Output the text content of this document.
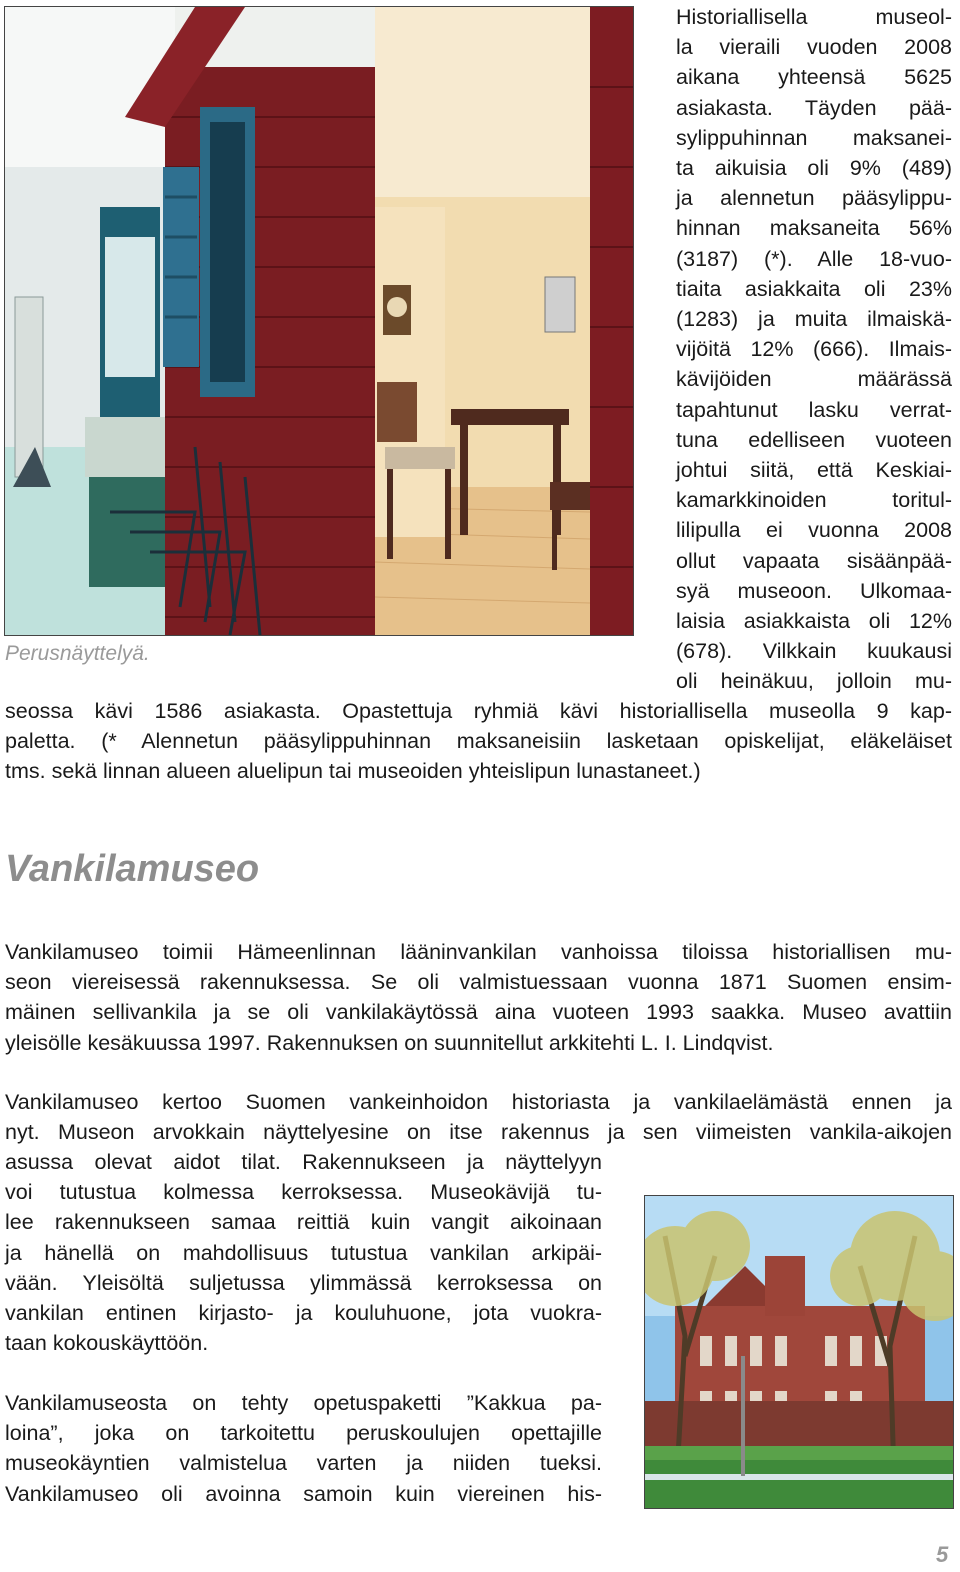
Perusnäyttelyä.

Historiallisella museol-
la vieraili vuoden 2008
aikana yhteensä 5625
asiakasta. Täyden pää-
sylippuhinnan maksanei-
ta aikuisia oli 9% (489)
ja alennetun pääsylippu-
hinnan maksaneita 56%
(3187) (*). Alle 18-vuo-
tiaita asiakkaita oli 23%
(1283) ja muita ilmaiskä-
vijöitä 12% (666). Ilmais-
kävijöiden määrässä
tapahtunut lasku verrat-
tuna edelliseen vuoteen
johtui siitä, että Keskiai-
kamarkkinoiden toritul-
lilipulla ei vuonna 2008
ollut vapaata sisäänpää-
syä museoon. Ulkomaa-
laisia asiakkaista oli 12%
(678). Vilkkain kuukausi
oli heinäkuu, jolloin mu-
seossa kävi 1586 asiakasta. Opastettuja ryhmiä kävi historiallisella museolla 9 kap-
paletta. (* Alennetun pääsylippuhinnan maksaneisiin lasketaan opiskelijat, eläkeläiset
tms. sekä linnan alueen aluelipun tai museoiden yhteislipun lunastaneet.)
Vankilamuseo
Vankilamuseo toimii Hämeenlinnan lääninvankilan vanhoissa tiloissa historiallisen mu-
seon viereisessä rakennuksessa. Se oli valmistuessaan vuonna 1871 Suomen ensim-
mäinen sellivankila ja se oli vankilakäytössä aina vuoteen 1993 saakka. Museo avattiin
yleisölle kesäkuussa 1997. Rakennuksen on suunnitellut arkkitehti L. I. Lindqvist.
Vankilamuseo kertoo Suomen vankeinhoidon historiasta ja vankilaelämästä ennen ja
nyt. Museon arvokkain näyttelyesine on itse rakennus ja sen viimeisten vankila-aikojen
asussa olevat aidot tilat. Rakennukseen ja näyttelyyn
voi tutustua kolmessa kerroksessa. Museokävijä tu-
lee rakennukseen samaa reittiä kuin vangit aikoinaan
ja hänellä on mahdollisuus tutustua vankilan arkipäi-
vään. Yleisöltä suljetussa ylimmässä kerroksessa on
vankilan entinen kirjasto- ja kouluhuone, jota vuokra-
taan kokouskäyttöön.
Vankilamuseosta on tehty opetuspaketti ”Kakkua pa-
loina”, joka on tarkoitettu peruskoulujen opettajille
museokäyntien valmistelua varten ja niiden tueksi.
Vankilamuseo oli avoinna samoin kuin viereinen his-
5
